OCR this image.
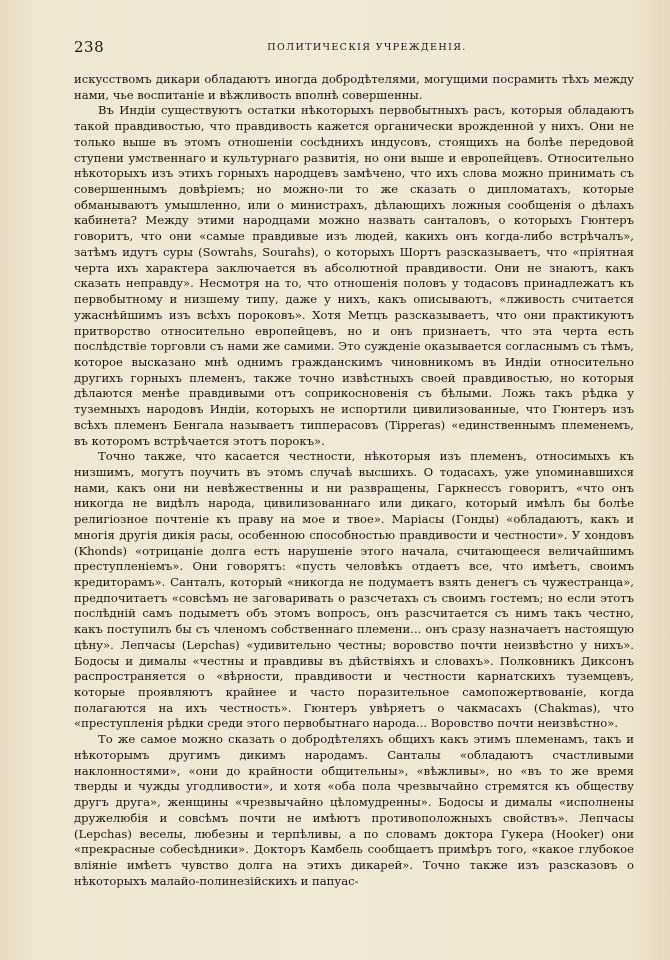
238	ПОЛИТИЧЕСКІЯ УЧРЕЖДЕНІЯ.

искусствомъ дикари обладаютъ иногда добродѣтелями, могущими посрамить тѣхъ между нами, чье воспитаніе и вѣжливость вполнѣ совершенны.

Въ Индіи существуютъ остатки нѣкоторыхъ первобытныхъ расъ, которыя обладаютъ такой правдивостью, что правдивость кажется органически врожденной у нихъ. Они не только выше въ этомъ отношеніи сосѣднихъ индусовъ, стоящихъ на болѣе передовой ступени умственнаго и культурнаго развитія, но они выше и европейцевъ. Относительно нѣкоторыхъ изъ этихъ горныхъ народцевъ замѣчено, что ихъ слова можно принимать съ совершеннымъ довѣріемъ; но можно-ли то же сказать о дипломатахъ, которые обманываютъ умышленно, или о министрахъ, дѣлающихъ ложныя сообщенія о дѣлахъ кабинета? Между этими народцами можно назвать санталовъ, о которыхъ Гюнтеръ говоритъ, что они «самые правдивые изъ людей, какихъ онъ когда-либо встрѣчалъ», затѣмъ идутъ суры (Sowrahs, Sourahs), о которыхъ Шортъ разсказываетъ, что «пріятная черта ихъ характера заключается въ абсолютной правдивости. Они не знаютъ, какъ сказать неправду». Несмотря на то, что отношенія половъ у тодасовъ принадлежатъ къ первобытному и низшему типу, даже у нихъ, какъ описываютъ, «лживость считается ужаснѣйшимъ изъ всѣхъ пороковъ». Хотя Метцъ разсказываетъ, что они практикуютъ притворство относительно европейцевъ, но и онъ признаетъ, что эта черта есть послѣдствіе торговли съ нами же самими. Это сужденіе оказывается согласнымъ съ тѣмъ, которое высказано мнѣ однимъ гражданскимъ чиновникомъ въ Индіи относительно другихъ горныхъ племенъ, также точно извѣстныхъ своей правдивостью, но которыя дѣлаются менѣе правдивыми отъ соприкосновенія съ бѣлыми. Ложь такъ рѣдка у туземныхъ народовъ Индіи, которыхъ не испортили цивилизованные, что Гюнтеръ изъ всѣхъ племенъ Бенгала называетъ типперасовъ (Tipperas) «единственнымъ племенемъ, въ которомъ встрѣчается этотъ порокъ».

Точно также, что касается честности, нѣкоторыя изъ племенъ, относимыхъ къ низшимъ, могутъ поучить въ этомъ случаѣ высшихъ. О тодасахъ, уже упоминавшихся нами, какъ они ни невѣжественны и ни развращены, Гаркнессъ говоритъ, «что онъ никогда не видѣлъ народа, цивилизованнаго или дикаго, который имѣлъ бы болѣе религіозное почтеніе къ праву на мое и твое». Маріасы (Гонды) «обладаютъ, какъ и многія другія дикія расы, особенною способностью правдивости и честности». У хондовъ (Khonds) «отрицаніе долга есть нарушеніе этого начала, считающееся величайшимъ преступленіемъ». Они говорятъ: «пусть человѣкъ отдаетъ все, что имѣетъ, своимъ кредиторамъ». Санталъ, который «никогда не подумаетъ взять денегъ съ чужестранца», предпочитаетъ «совсѣмъ не заговаривать о разсчетахъ съ своимъ гостемъ; но если этотъ послѣдній самъ подыметъ объ этомъ вопросъ, онъ разсчитается съ нимъ такъ честно, какъ поступилъ бы съ членомъ собственнаго племени... онъ сразу назначаетъ настоящую цѣну». Лепчасы (Lepchas) «удивительно честны; воровство почти неизвѣстно у нихъ». Бодосы и дималы «честны и правдивы въ дѣйствіяхъ и словахъ». Полковникъ Диксонъ распространяется о «вѣрности, правдивости и честности карнатскихъ туземцевъ, которые проявляютъ крайнее и часто поразительное самопожертвованіе, когда полагаются на ихъ честность». Гюнтеръ увѣряетъ о чакмасахъ (Chakmas), что «преступленія рѣдки среди этого первобытнаго народа... Воровство почти неизвѣстно».

То же самое можно сказать о добродѣтеляхъ общихъ какъ этимъ племенамъ, такъ и нѣкоторымъ другимъ дикимъ народамъ. Санталы «обладаютъ счастливыми наклонностями», «они до крайности общительны», «вѣжливы», но «въ то же время тверды и чужды угодливости», и хотя «оба пола чрезвычайно стремятся къ обществу другъ друга», женщины «чрезвычайно цѣломудренны». Бодосы и дималы «исполнены дружелюбія и совсѣмъ почти не имѣютъ противоположныхъ свойствъ». Лепчасы (Lepchas) веселы, любезны и терпѣливы, а по словамъ доктора Гукера (Hooker) они «прекрасные собесѣдники». Докторъ Камбель сообщаетъ примѣръ того, «какое глубокое вліяніе имѣетъ чувство долга на этихъ дикарей». Точно также изъ разсказовъ о нѣкоторыхъ малайо-полинезійскихъ и папуас-
